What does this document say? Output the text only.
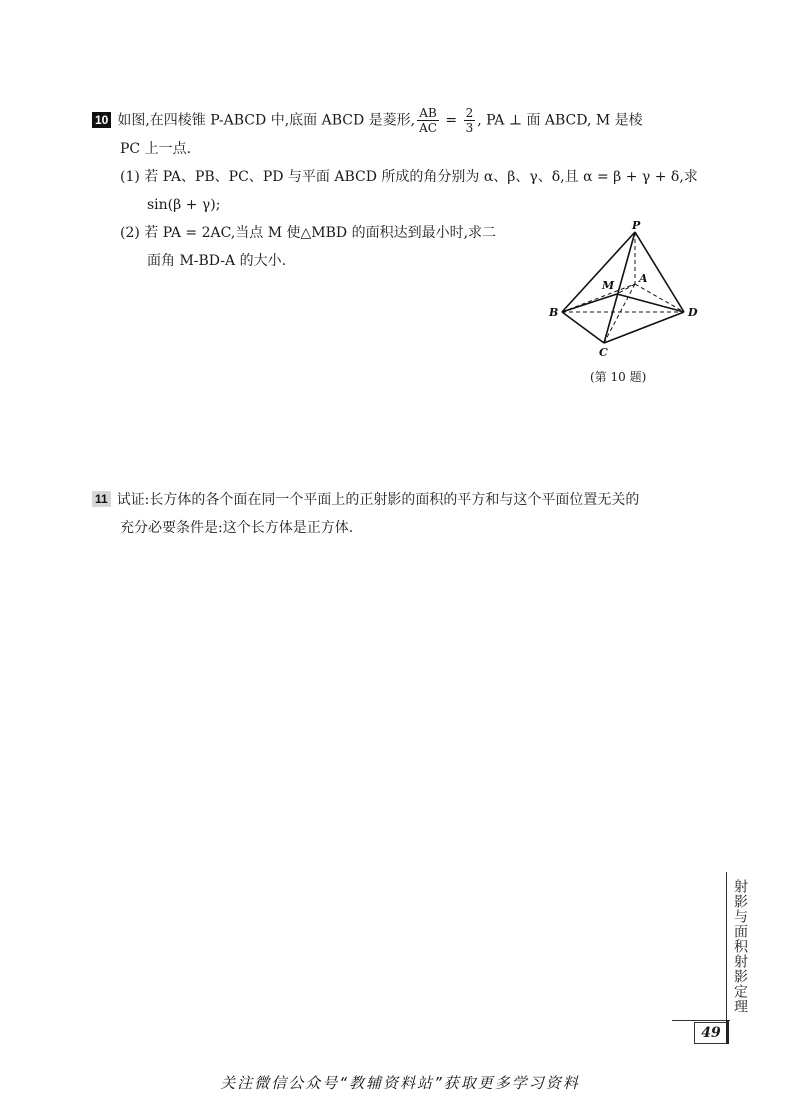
10 如图,在四棱锥 P-ABCD 中,底面 ABCD 是菱形, $\frac{AB}{AC} = \frac{2}{3}$ , PA ⊥ 面 ABCD, M 是棱
PC 上一点.
(1) 若 PA、PB、PC、PD 与平面 ABCD 所成的角分别为 α、β、γ、δ,且 α = β + γ + δ,求
sin(β + γ);
(2) 若 PA = 2AC,当点 M 使△MBD 的面积达到最小时,求二
面角 M-BD-A 的大小.
P
A
M
B	D
C
(第 10 题)
11 试证:长方体的各个面在同一个平面上的正射影的面积的平方和与这个平面位置无关的
充分必要条件是:这个长方体是正方体.
射影与面积射影定理
49
关注微信公众号“教辅资料站”获取更多学习资料
